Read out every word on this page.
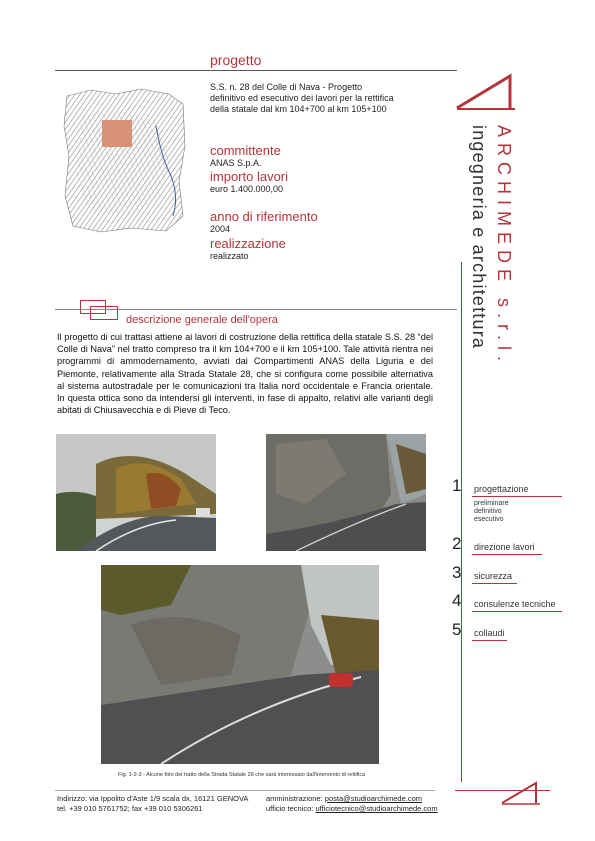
progetto
S.S. n. 28 del Colle di Nava - Progetto definitivo ed esecutivo dei lavori per la rettifica della statale dal km 104+700 al km 105+100
committente
ANAS S.p.A.
importo lavori
euro 1.400.000,00
anno di riferimento
2004
realizzazione
realizzato	ARCHIMEDE s.r.l.
ingegneria e architettura
descrizione generale dell'opera
Il progetto di cui trattasi attiene ai lavori di costruzione della rettifica della statale S.S. 28 “del Colle di Nava” nel tratto compreso tra il km 104+700 e il km 105+100. Tale attività rientra nei programmi di ammodernamento, avviati dai Compartimenti ANAS della Liguria e del Piemonte, relativamente alla Strada Statale 28, che si configura come possibile alternativa al sistema autostradale per le comunicazioni tra Italia nord occidentale e Francia orientale. In questa ottica sono da intendersi gli interventi, in fase di appalto, relativi alle varianti degli abitati di Chiusavecchia e di Pieve di Teco.
Fig. 1-2-3 - Alcune foto del tratto della Strada Statale 28 che sarà interessato dall'intervento di rettifica
1 progettazione
preliminare
definitivo
esecutivo
2 direzione lavori
3 sicurezza
4 consulenze tecniche
5 collaudi
Indirizzo: via Ippolito d'Aste 1/9 scala dx, 16121 GENOVA
tel. +39 010 5761752; fax +39 010 5306261
amministrazione: posta@studioarchimede.com
ufficio tecnico: ufficiotecnico@studioarchimede.com
